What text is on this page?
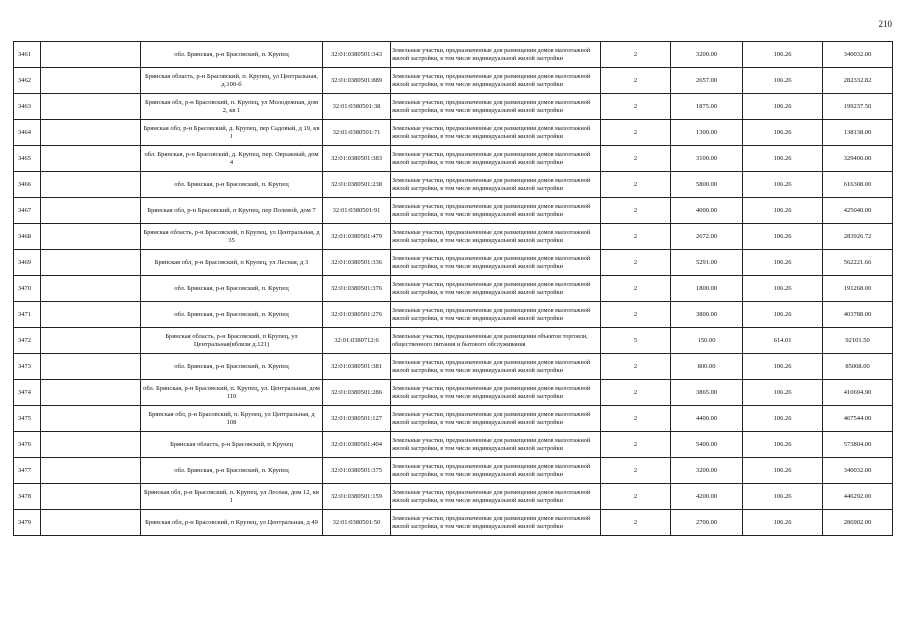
210
3461		обл. Брянская, р-н Брасовский, п. Крупец	32:01:0380501:343	Земельные участки, предназначенные для размещения домов малоэтажной жилой застройки, в том числе индивидуальной жилой застройки	2	3200.00	106.26	340032.00
3462		Брянская область, р-н Брасовский, п. Крупец, ул Центральная, д.100-б	32:01:0380501:889	Земельные участки, предназначенные для размещения домов малоэтажной жилой застройки, в том числе индивидуальной жилой застройки	2	2657.00	106.26	282332.82
3463		Брянская обл, р-н Брасовский, п. Крупец, ул Молодежная, дом 2, кв 1	32:01:0380501:38	Земельные участки, предназначенные для размещения домов малоэтажной жилой застройки, в том числе индивидуальной жилой застройки	2	1875.00	106.26	199237.50
3464		Брянская обл, р-н Брасовский, д. Крупец, пер Садовый, д 19, кв 1	32:01:0380501:71	Земельные участки, предназначенные для размещения домов малоэтажной жилой застройки, в том числе индивидуальной жилой застройки	2	1300.00	106.26	138138.00
3465		обл. Брянская, р-н Брасовский, д. Крупец, пер. Овражный, дом 4	32:01:0380501:383	Земельные участки, предназначенные для размещения домов малоэтажной жилой застройки, в том числе индивидуальной жилой застройки	2	3100.00	106.26	329406.00
3466		обл. Брянская, р-н Брасовский, п. Крупец	32:01:0380501:238	Земельные участки, предназначенные для размещения домов малоэтажной жилой застройки, в том числе индивидуальной жилой застройки	2	5800.00	106.26	616308.00
3467		Брянская обл, р-н Брасовский, п Крупец, пер Полевой, дом 7	32:01:0380501:91	Земельные участки, предназначенные для размещения домов малоэтажной жилой застройки, в том числе индивидуальной жилой застройки	2	4000.00	106.26	425040.00
3468		Брянская область, р-н Брасовский, п Крупец, ул Центральная, д 35	32:01:0380501:479	Земельные участки, предназначенные для размещения домов малоэтажной жилой застройки, в том числе индивидуальной жилой застройки	2	2672.00	106.26	283926.72
3469		Брянская обл, р-н Брасовский, п Крупец, ул Лесная, д 3	32:01:0380501:336	Земельные участки, предназначенные для размещения домов малоэтажной жилой застройки, в том числе индивидуальной жилой застройки	2	5291.00	106.26	562221.66
3470		обл. Брянская, р-н Брасовский, п. Крупец	32:01:0380501:376	Земельные участки, предназначенные для размещения домов малоэтажной жилой застройки, в том числе индивидуальной жилой застройки	2	1800.00	106.26	191268.00
3471		обл. Брянская, р-н Брасовский, п. Крупец	32:01:0380501:276	Земельные участки, предназначенные для размещения домов малоэтажной жилой застройки, в том числе индивидуальной жилой застройки	2	3800.00	106.26	403788.00
3472		Брянская область, р-н Брасовский, п Крупец, ул Центральная(вблизи д.121)	32:01:0380712:6	Земельные участки, предназначенные для размещения объектов торговли, общественного питания и бытового обслуживания	5	150.00	614.01	92101.50
3473		обл. Брянская, р-н Брасовский, п. Крупец	32:01:0380501:381	Земельные участки, предназначенные для размещения домов малоэтажной жилой застройки, в том числе индивидуальной жилой застройки	2	800.00	106.26	85008.00
3474		обл. Брянская, р-н Брасовский, п. Крупец, ул. Центральная, дом 110	32:01:0380501:286	Земельные участки, предназначенные для размещения домов малоэтажной жилой застройки, в том числе индивидуальной жилой застройки	2	3865.00	106.26	410694.90
3475		Брянская обл, р-н Брасовский, п. Крупец, ул Центральная, д 108	32:01:0380501:127	Земельные участки, предназначенные для размещения домов малоэтажной жилой застройки, в том числе индивидуальной жилой застройки	2	4400.00	106.26	467544.00
3476		Брянская область, р-н Брасовский, п Крупец	32:01:0380501:404	Земельные участки, предназначенные для размещения домов малоэтажной жилой застройки, в том числе индивидуальной жилой застройки	2	5400.00	106.26	573804.00
3477		обл. Брянская, р-н Брасовский, п. Крупец	32:01:0380501:375	Земельные участки, предназначенные для размещения домов малоэтажной жилой застройки, в том числе индивидуальной жилой застройки	2	3200.00	106.26	340032.00
3478		Брянская обл, р-н Брасовский, п. Крупец, ул Лесная, дом 12, кв 1	32:01:0380501:159	Земельные участки, предназначенные для размещения домов малоэтажной жилой застройки, в том числе индивидуальной жилой застройки	2	4200.00	106.26	446292.00
3479		Брянская обл, р-н Брасовский, п Крупец, ул Центральная, д 49	32:01:0380501:50	Земельные участки, предназначенные для размещения домов малоэтажной жилой застройки, в том числе индивидуальной жилой застройки	2	2700.00	106.26	286902.00
